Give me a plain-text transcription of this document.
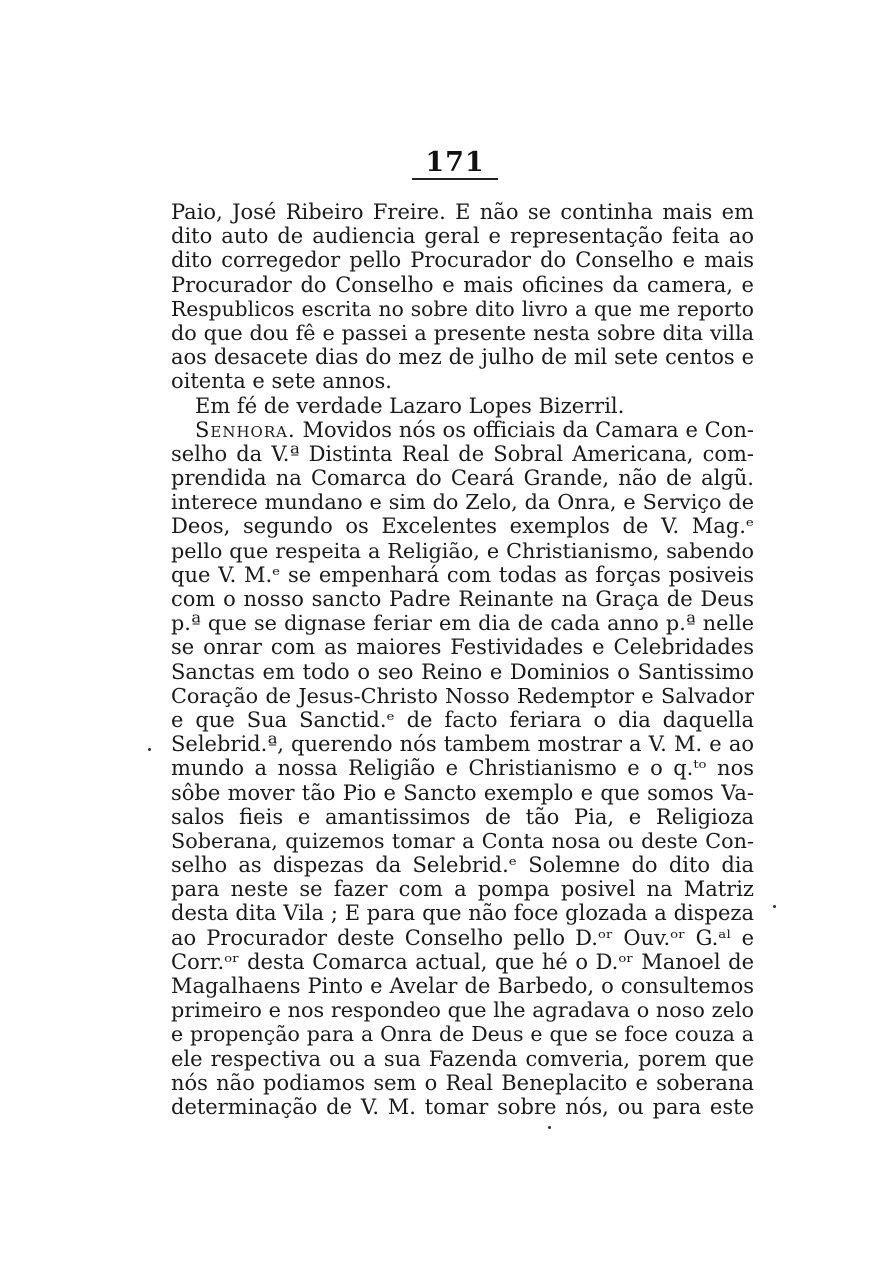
171
Paio, José Ribeiro Freire. E não se continha mais em
dito auto de audiencia geral e representação feita ao
dito corregedor pello Procurador do Conselho e mais
Procurador do Conselho e mais oficines da camera, e
Respublicos escrita no sobre dito livro a que me reporto
do que dou fê e passei a presente nesta sobre dita villa
aos desacete dias do mez de julho de mil sete centos e
oitenta e sete annos.
Em fé de verdade Lazaro Lopes Bizerril.
Senhora. Movidos nós os officiais da Camara e Con-
selho da V.ª Distinta Real de Sobral Americana, com-
prendida na Comarca do Ceará Grande, não de algũ.
interece mundano e sim do Zelo, da Onra, e Serviço de
Deos, segundo os Excelentes exemplos de V. Mag.ᵉ
pello que respeita a Religião, e Christianismo, sabendo
que V. M.ᵉ se empenhará com todas as forças posiveis
com o nosso sancto Padre Reinante na Graça de Deus
p.ª que se dignase feriar em dia de cada anno p.ª nelle
se onrar com as maiores Festividades e Celebridades
Sanctas em todo o seo Reino e Dominios o Santissimo
Coração de Jesus-Christo Nosso Redemptor e Salvador
e que Sua Sanctid.ᵉ de facto feriara o dia daquella
Selebrid.ª, querendo nós tambem mostrar a V. M. e ao
mundo a nossa Religião e Christianismo e o q.ᵗᵒ nos
sôbe mover tão Pio e Sancto exemplo e que somos Va-
salos fieis e amantissimos de tão Pia, e Religioza
Soberana, quizemos tomar a Conta nosa ou deste Con-
selho as dispezas da Selebrid.ᵉ Solemne do dito dia
para neste se fazer com a pompa posivel na Matriz
desta dita Vila ; E para que não foce glozada a dispeza
ao Procurador deste Conselho pello D.ᵒʳ Ouv.ᵒʳ G.ᵃˡ e
Corr.ᵒʳ desta Comarca actual, que hé o D.ᵒʳ Manoel de
Magalhaens Pinto e Avelar de Barbedo, o consultemos
primeiro e nos respondeo que lhe agradava o noso zelo
e propenção para a Onra de Deus e que se foce couza a
ele respectiva ou a sua Fazenda comveria, porem que
nós não podiamos sem o Real Beneplacito e soberana
determinação de V. M. tomar sobre nós, ou para este
